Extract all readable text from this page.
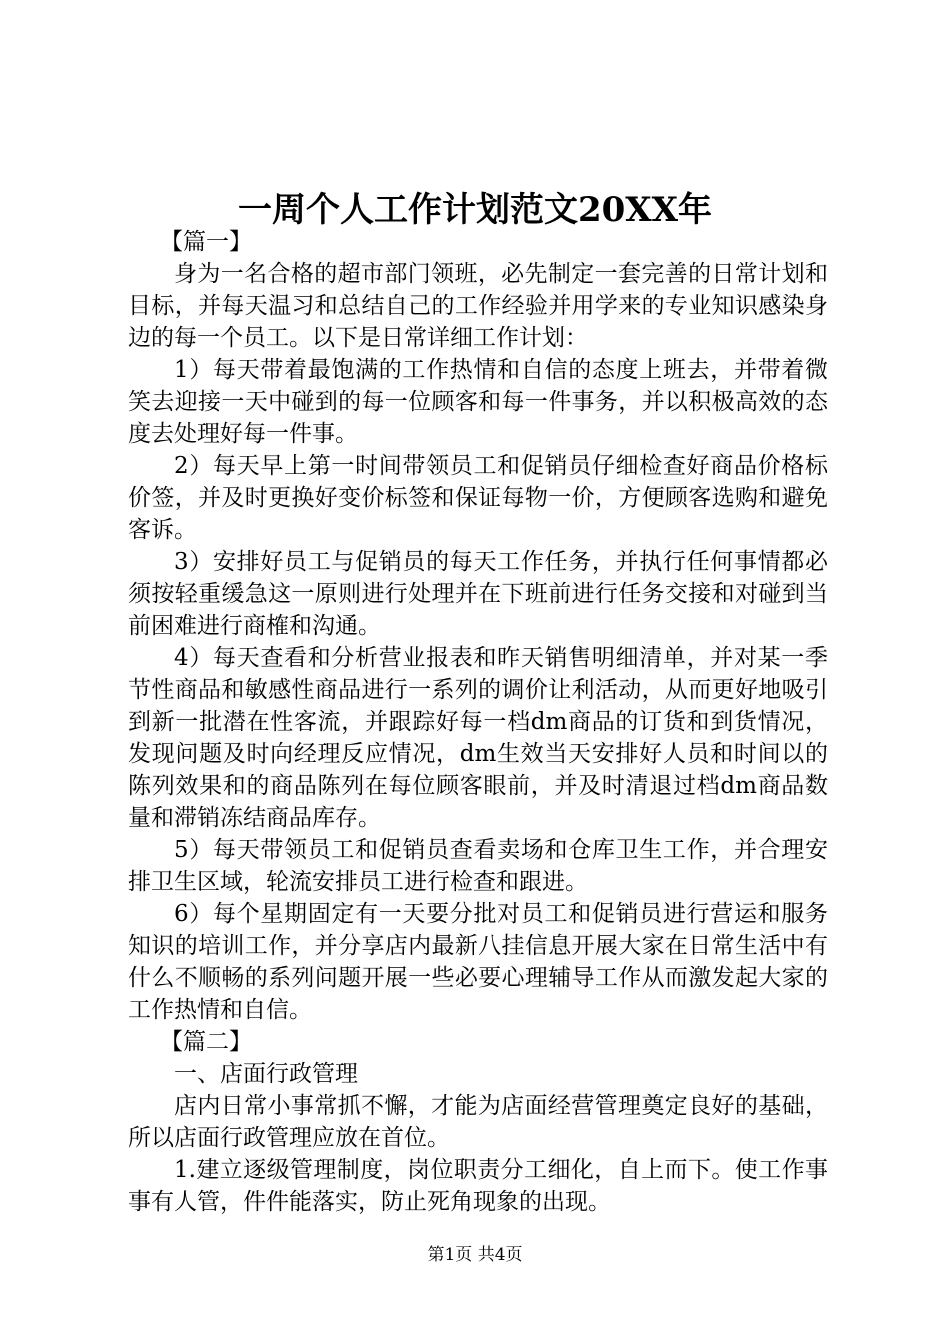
一周个人工作计划范文20XX年

【篇一】

身为一名合格的超市部门领班，必先制定一套完善的日常计划和目标，并每天温习和总结自己的工作经验并用学来的专业知识感染身边的每一个员工。以下是日常详细工作计划：

1）每天带着最饱满的工作热情和自信的态度上班去，并带着微笑去迎接一天中碰到的每一位顾客和每一件事务，并以积极高效的态度去处理好每一件事。

2）每天早上第一时间带领员工和促销员仔细检查好商品价格标价签，并及时更换好变价标签和保证每物一价，方便顾客选购和避免客诉。

3）安排好员工与促销员的每天工作任务，并执行任何事情都必须按轻重缓急这一原则进行处理并在下班前进行任务交接和对碰到当前困难进行商榷和沟通。

4）每天查看和分析营业报表和昨天销售明细清单，并对某一季节性商品和敏感性商品进行一系列的调价让利活动，从而更好地吸引到新一批潜在性客流，并跟踪好每一档dm商品的订货和到货情况，发现问题及时向经理反应情况，dm生效当天安排好人员和时间以的陈列效果和的商品陈列在每位顾客眼前，并及时清退过档dm商品数量和滞销冻结商品库存。

5）每天带领员工和促销员查看卖场和仓库卫生工作，并合理安排卫生区域，轮流安排员工进行检查和跟进。

6）每个星期固定有一天要分批对员工和促销员进行营运和服务知识的培训工作，并分享店内最新八挂信息开展大家在日常生活中有什么不顺畅的系列问题开展一些必要心理辅导工作从而激发起大家的工作热情和自信。

【篇二】

一、店面行政管理

店内日常小事常抓不懈，才能为店面经营管理奠定良好的基础，所以店面行政管理应放在首位。

1.建立逐级管理制度，岗位职责分工细化，自上而下。使工作事事有人管，件件能落实，防止死角现象的出现。

第1页 共4页
